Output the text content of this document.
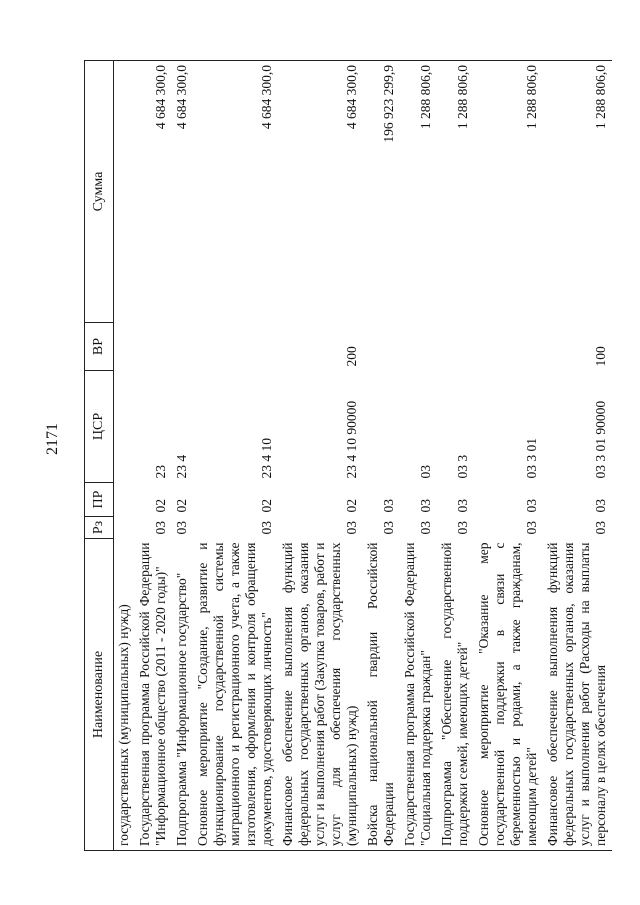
2171
Наименование	Рз	ПР	ЦСР	ВР	Сумма
государственных (муниципальных) нужд)					
Государственная программа Российской Федерации "Информационное общество (2011 - 2020 годы)"	03	02	23		4 684 300,0
Подпрограмма "Информационное государство"	03	02	23 4		4 684 300,0
Основное мероприятие "Создание, развитие и функционирование государственной системы миграционного и регистрационного учета, а также изготовления, оформления и контроля обращения документов, удостоверяющих личность"	03	02	23 4 10		4 684 300,0
Финансовое обеспечение выполнения функций федеральных государственных органов, оказания услуг и выполнения работ (Закупка товаров, работ и услуг для обеспечения государственных (муниципальных) нужд)	03	02	23 4 10 90000	200	4 684 300,0
Войска национальной гвардии Российской Федерации	03	03			196 923 299,9
Государственная программа Российской Федерации "Социальная поддержка граждан"	03	03	03		1 288 806,0
Подпрограмма "Обеспечение государственной поддержки семей, имеющих детей"	03	03	03 3		1 288 806,0
Основное мероприятие "Оказание мер государственной поддержки в связи с беременностью и родами, а также гражданам, имеющим детей"	03	03	03 3 01		1 288 806,0
Финансовое обеспечение выполнения функций федеральных государственных органов, оказания услуг и выполнения работ (Расходы на выплаты персоналу в целях обеспечения	03	03	03 3 01 90000	100	1 288 806,0
